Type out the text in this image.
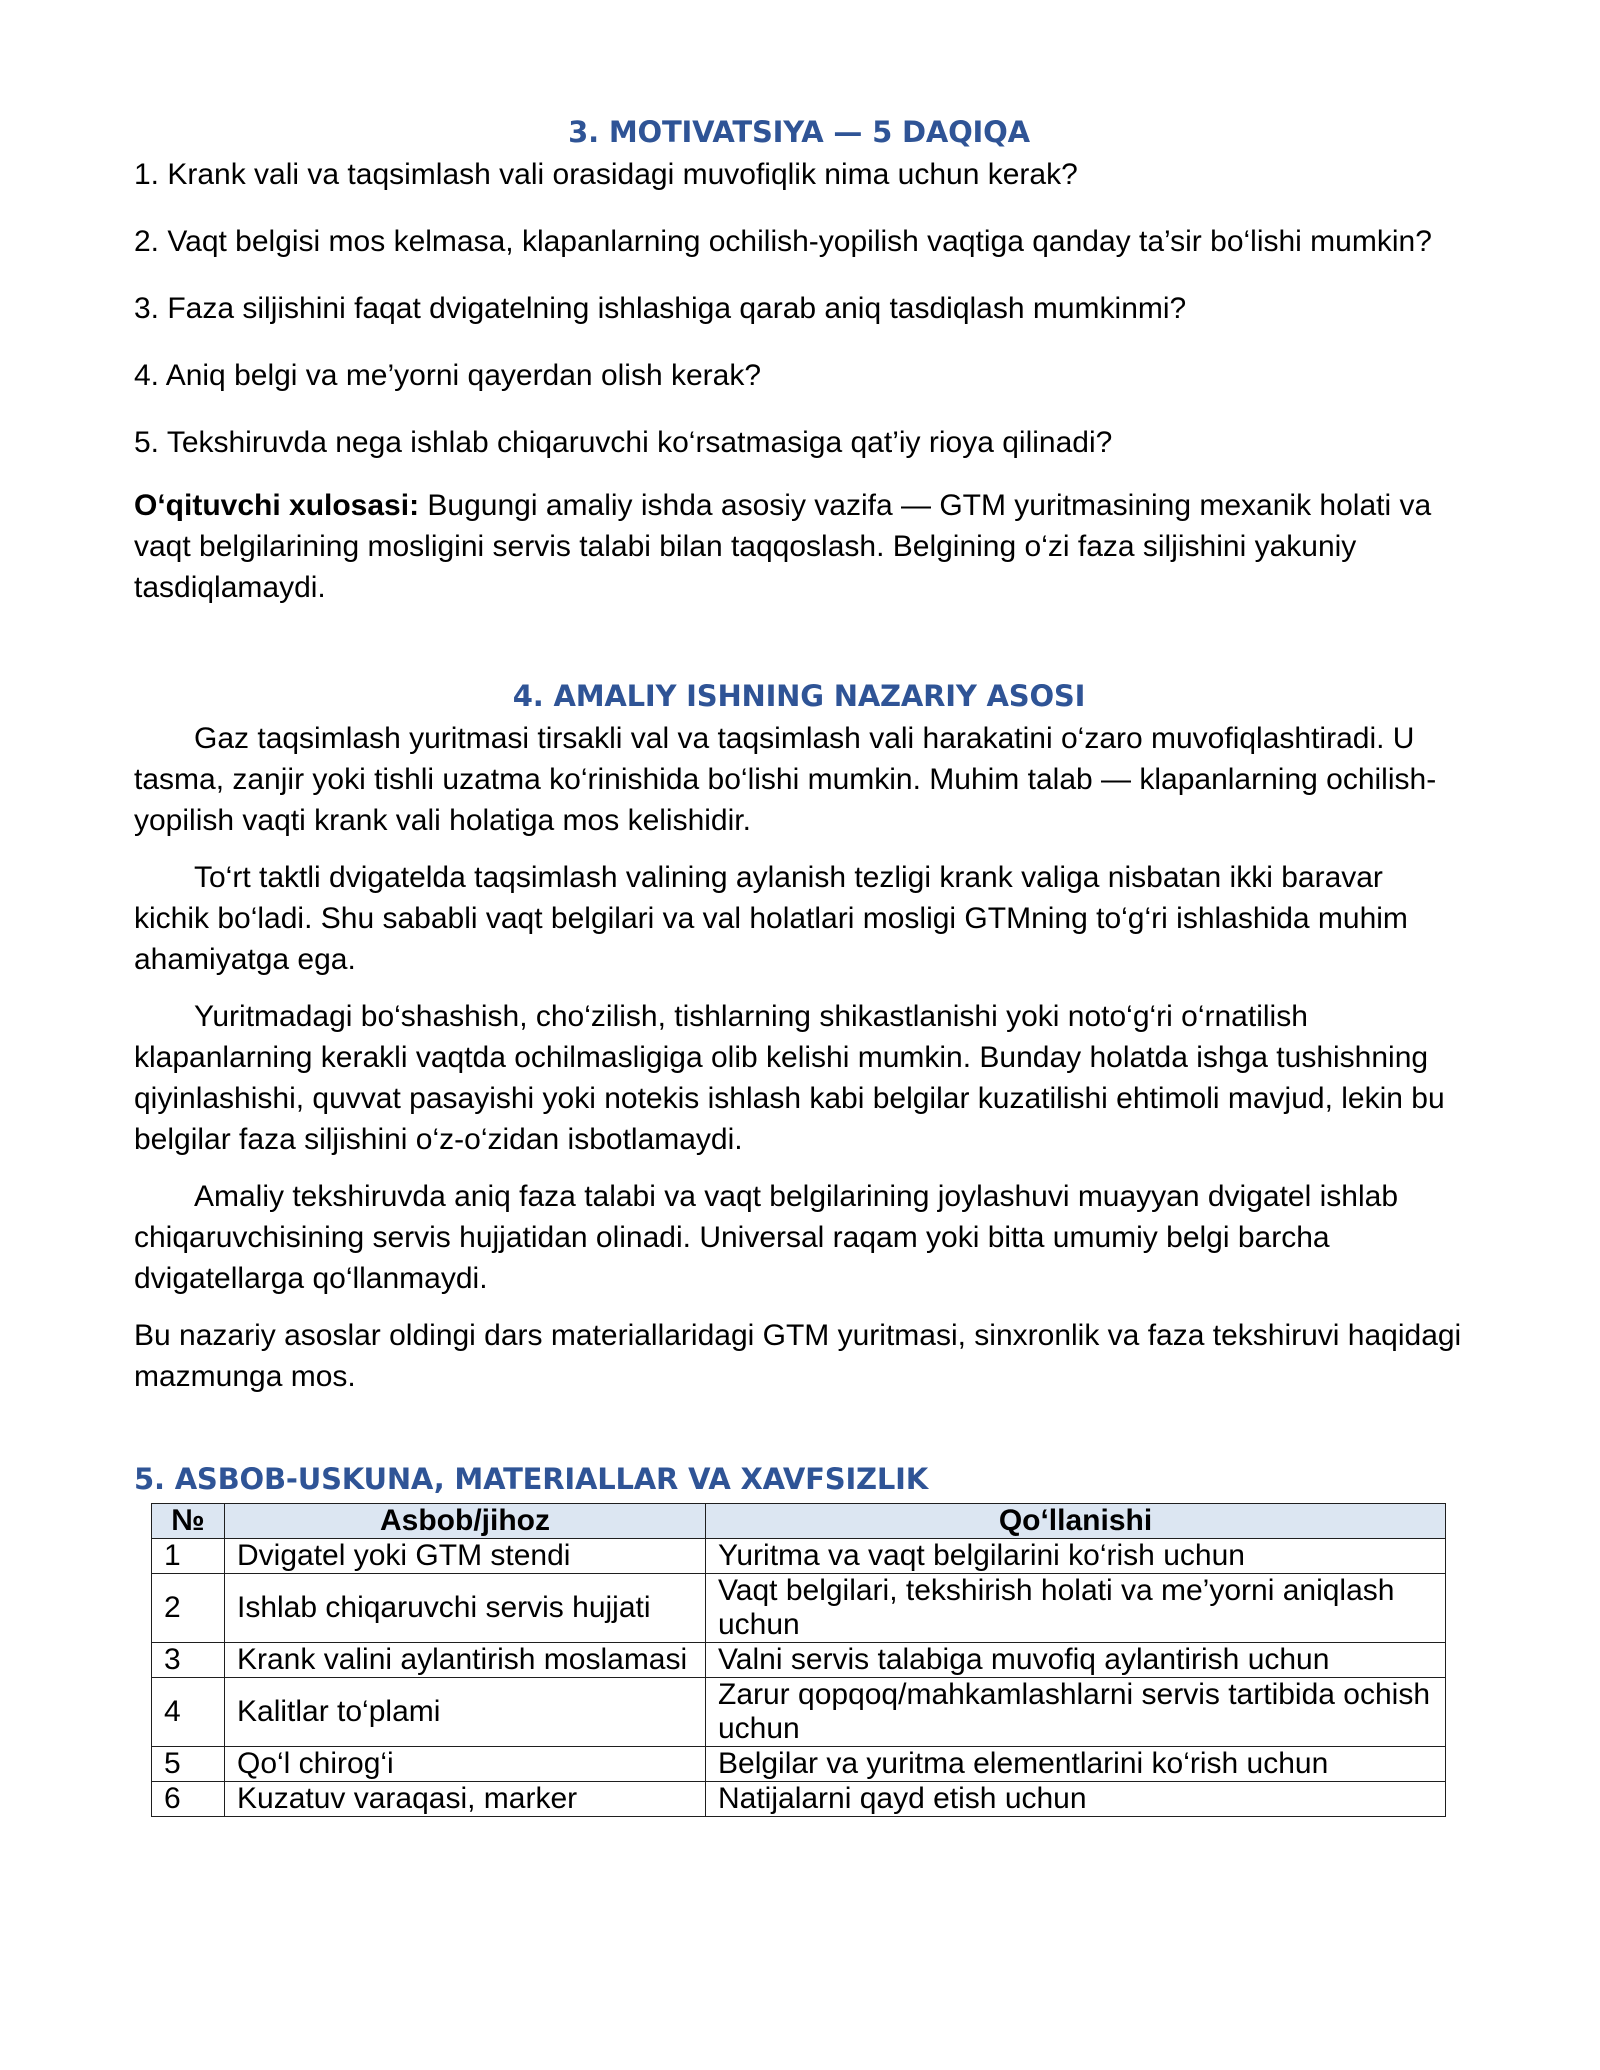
3. MOTIVATSIYA — 5 DAQIQA

1. Krank vali va taqsimlash vali orasidagi muvofiqlik nima uchun kerak?

2. Vaqt belgisi mos kelmasa, klapanlarning ochilish-yopilish vaqtiga qanday ta’sir bo‘lishi mumkin?

3. Faza siljishini faqat dvigatelning ishlashiga qarab aniq tasdiqlash mumkinmi?

4. Aniq belgi va me’yorni qayerdan olish kerak?

5. Tekshiruvda nega ishlab chiqaruvchi ko‘rsatmasiga qat’iy rioya qilinadi?

O‘qituvchi xulosasi: Bugungi amaliy ishda asosiy vazifa — GTM yuritmasining mexanik holati va vaqt belgilarining mosligini servis talabi bilan taqqoslash. Belgining o‘zi faza siljishini yakuniy tasdiqlamaydi.

4. AMALIY ISHNING NAZARIY ASOSI

Gaz taqsimlash yuritmasi tirsakli val va taqsimlash vali harakatini o‘zaro muvofiqlashtiradi. U tasma, zanjir yoki tishli uzatma ko‘rinishida bo‘lishi mumkin. Muhim talab — klapanlarning ochilish-yopilish vaqti krank vali holatiga mos kelishidir.

To‘rt taktli dvigatelda taqsimlash valining aylanish tezligi krank valiga nisbatan ikki baravar kichik bo‘ladi. Shu sababli vaqt belgilari va val holatlari mosligi GTMning to‘g‘ri ishlashida muhim ahamiyatga ega.

Yuritmadagi bo‘shashish, cho‘zilish, tishlarning shikastlanishi yoki noto‘g‘ri o‘rnatilish klapanlarning kerakli vaqtda ochilmasligiga olib kelishi mumkin. Bunday holatda ishga tushishning qiyinlashishi, quvvat pasayishi yoki notekis ishlash kabi belgilar kuzatilishi ehtimoli mavjud, lekin bu belgilar faza siljishini o‘z-o‘zidan isbotlamaydi.

Amaliy tekshiruvda aniq faza talabi va vaqt belgilarining joylashuvi muayyan dvigatel ishlab chiqaruvchisining servis hujjatidan olinadi. Universal raqam yoki bitta umumiy belgi barcha dvigatellarga qo‘llanmaydi.

Bu nazariy asoslar oldingi dars materiallaridagi GTM yuritmasi, sinxronlik va faza tekshiruvi haqidagi mazmunga mos.

5. ASBOB-USKUNA, MATERIALLAR VA XAVFSIZLIK
№	Asbob/jihoz	Qo‘llanishi
1	Dvigatel yoki GTM stendi	Yuritma va vaqt belgilarini ko‘rish uchun
2	Ishlab chiqaruvchi servis hujjati	Vaqt belgilari, tekshirish holati va me’yorni aniqlash uchun
3	Krank valini aylantirish moslamasi	Valni servis talabiga muvofiq aylantirish uchun
4	Kalitlar to‘plami	Zarur qopqoq/mahkamlashlarni servis tartibida ochish uchun
5	Qo‘l chirog‘i	Belgilar va yuritma elementlarini ko‘rish uchun
6	Kuzatuv varaqasi, marker	Natijalarni qayd etish uchun
